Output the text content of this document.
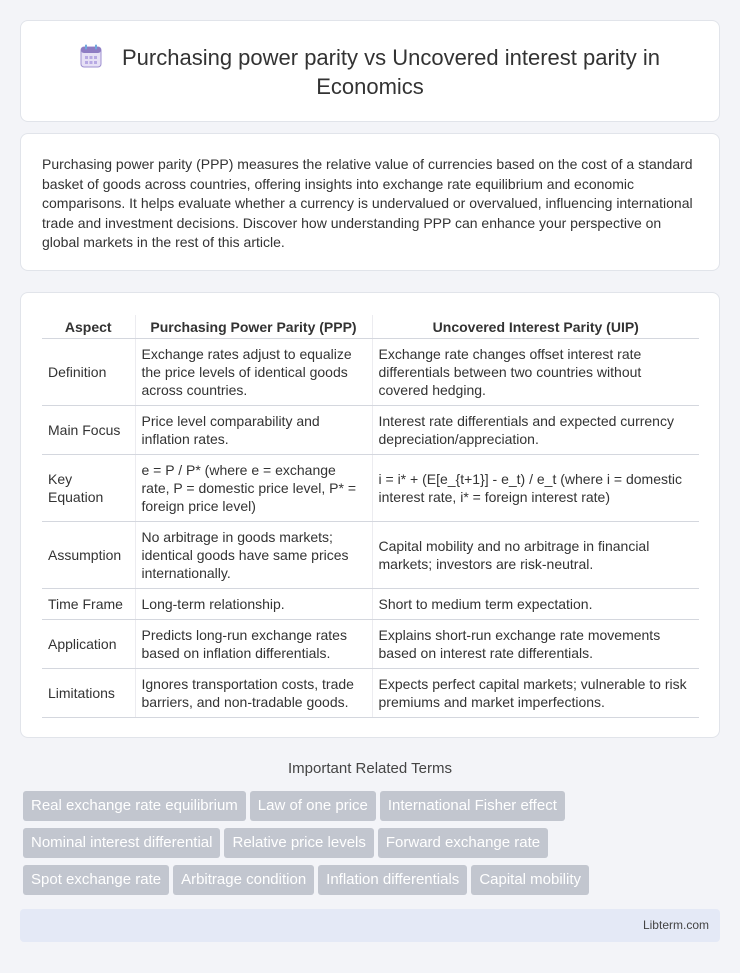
Purchasing power parity vs Uncovered interest parity in Economics

Purchasing power parity (PPP) measures the relative value of currencies based on the cost of a standard basket of goods across countries, offering insights into exchange rate equilibrium and economic comparisons. It helps evaluate whether a currency is undervalued or overvalued, influencing international trade and investment decisions. Discover how understanding PPP can enhance your perspective on global markets in the rest of this article.

Aspect	Purchasing Power Parity (PPP)	Uncovered Interest Parity (UIP)
Definition	Exchange rates adjust to equalize the price levels of identical goods across countries.	Exchange rate changes offset interest rate differentials between two countries without covered hedging.
Main Focus	Price level comparability and inflation rates.	Interest rate differentials and expected currency depreciation/appreciation.
Key Equation	e = P / P* (where e = exchange rate, P = domestic price level, P* = foreign price level)	i = i* + (E[e_{t+1}] - e_t) / e_t (where i = domestic interest rate, i* = foreign interest rate)
Assumption	No arbitrage in goods markets; identical goods have same prices internationally.	Capital mobility and no arbitrage in financial markets; investors are risk-neutral.
Time Frame	Long-term relationship.	Short to medium term expectation.
Application	Predicts long-run exchange rates based on inflation differentials.	Explains short-run exchange rate movements based on interest rate differentials.
Limitations	Ignores transportation costs, trade barriers, and non-tradable goods.	Expects perfect capital markets; vulnerable to risk premiums and market imperfections.
Important Related Terms
Real exchange rate equilibrium Law of one price International Fisher effect
Nominal interest differential Relative price levels Forward exchange rate
Spot exchange rate Arbitrage condition Inflation differentials Capital mobility
Libterm.com
